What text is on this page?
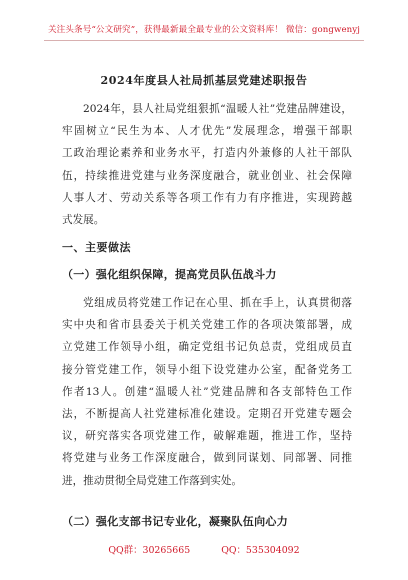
关注头条号“公文研究”，获得最新最全最专业的公文资料库！ 微信：gongwenyj
2024年度县人社局抓基层党建述职报告
2024年，县人社局党组狠抓“温暖人社”党建品牌建设，
牢固树立“民生为本、人才优先”发展理念，增强干部职
工政治理论素养和业务水平，打造内外兼修的人社干部队
伍，持续推进党建与业务深度融合，就业创业、社会保障
人事人才、劳动关系等各项工作有力有序推进，实现跨越
式发展。
一、主要做法
（一）强化组织保障，提高党员队伍战斗力
党组成员将党建工作记在心里、抓在手上，认真贯彻落
实中央和省市县委关于机关党建工作的各项决策部署，成
立党建工作领导小组，确定党组书记负总责，党组成员直
接分管党建工作，领导小组下设党建办公室，配备党务工
作者13人。创建“温暖人社”党建品牌和各支部特色工作
法，不断提高人社党建标准化建设。定期召开党建专题会
议，研究落实各项党建工作，破解难题，推进工作，坚持
将党建与业务工作深度融合，做到同谋划、同部署、同推
进，推动贯彻全局党建工作落到实处。
（二）强化支部书记专业化，凝聚队伍向心力
QQ群：30265665	QQ：535304092
